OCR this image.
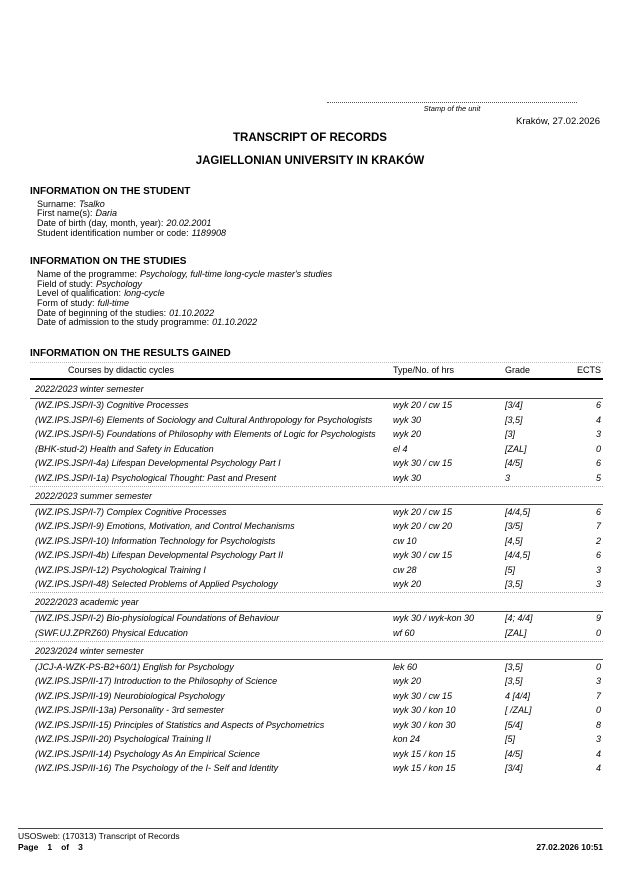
Stamp of the unit
Kraków, 27.02.2026
TRANSCRIPT OF RECORDS
JAGIELLONIAN UNIVERSITY IN KRAKÓW
INFORMATION ON THE STUDENT
Surname: Tsalko
First name(s): Daria
Date of birth (day, month, year): 20.02.2001
Student identification number or code: 1189908
INFORMATION ON THE STUDIES
Name of the programme: Psychology, full-time long-cycle master's studies
Field of study: Psychology
Level of qualification: long-cycle
Form of study: full-time
Date of beginning of the studies: 01.10.2022
Date of admission to the study programme: 01.10.2022
INFORMATION ON THE RESULTS GAINED
Courses by didactic cycles	Type/No. of hrs	Grade	ECTS
2022/2023 winter semester
(WZ.IPS.JSP/I-3) Cognitive Processes	wyk 20 / cw 15	[3/4]	6
(WZ.IPS.JSP/I-6) Elements of Sociology and Cultural Anthropology for Psychologists	wyk 30	[3,5]	4
(WZ.IPS.JSP/I-5) Foundations of Philosophy with Elements of Logic for Psychologists	wyk 20	[3]	3
(BHK-stud-2) Health and Safety in Education	el 4	[ZAL]	0
(WZ.IPS.JSP/I-4a) Lifespan Developmental Psychology Part I	wyk 30 / cw 15	[4/5]	6
(WZ.IPS.JSP/I-1a) Psychological Thought: Past and Present	wyk 30	3	5
2022/2023 summer semester
(WZ.IPS.JSP/I-7) Complex Cognitive Processes	wyk 20 / cw 15	[4/4,5]	6
(WZ.IPS.JSP/I-9) Emotions, Motivation, and Control Mechanisms	wyk 20 / cw 20	[3/5]	7
(WZ.IPS.JSP/I-10) Information Technology for Psychologists	cw 10	[4,5]	2
(WZ.IPS.JSP/I-4b) Lifespan Developmental Psychology Part II	wyk 30 / cw 15	[4/4,5]	6
(WZ.IPS.JSP/I-12) Psychological Training I	cw 28	[5]	3
(WZ.IPS.JSP/I-48) Selected Problems of Applied Psychology	wyk 20	[3,5]	3
2022/2023 academic year
(WZ.IPS.JSP/I-2) Bio-physiological Foundations of Behaviour	wyk 30 / wyk-kon 30	[4; 4/4]	9
(SWF.UJ.ZPRZ60) Physical Education	wf 60	[ZAL]	0
2023/2024 winter semester
(JCJ-A-WZK-PS-B2+60/1) English for Psychology	lek 60	[3,5]	0
(WZ.IPS.JSP/II-17) Introduction to the Philosophy of Science	wyk 20	[3,5]	3
(WZ.IPS.JSP/II-19) Neurobiological Psychology	wyk 30 / cw 15	4 [4/4]	7
(WZ.IPS.JSP/II-13a) Personality - 3rd semester	wyk 30 / kon 10	[ /ZAL]	0
(WZ.IPS.JSP/II-15) Principles of Statistics and Aspects of Psychometrics	wyk 30 / kon 30	[5/4]	8
(WZ.IPS.JSP/II-20) Psychological Training II	kon 24	[5]	3
(WZ.IPS.JSP/II-14) Psychology As An Empirical Science	wyk 15 / kon 15	[4/5]	4
(WZ.IPS.JSP/II-16) The Psychology of the I- Self and Identity	wyk 15 / kon 15	[3/4]	4
USOSweb: (170313) Transcript of Records
Page 1 of 3	27.02.2026 10:51
